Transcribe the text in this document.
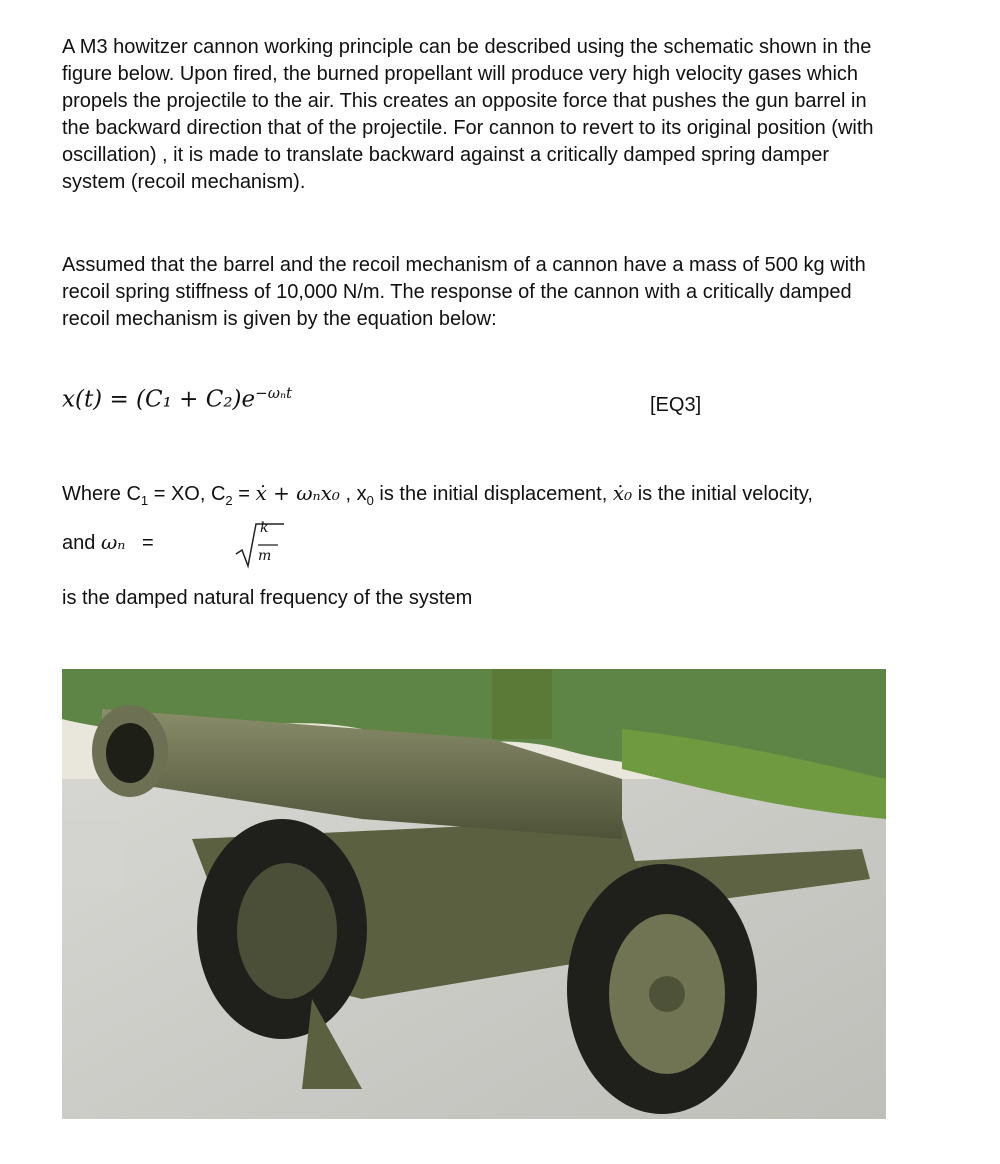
A M3 howitzer cannon working principle can be described using the schematic shown in the figure below. Upon fired, the burned propellant will produce very high velocity gases which propels the projectile to the air. This creates an opposite force that pushes the gun barrel in the backward direction that of the projectile. For cannon to revert to its original position (with oscillation) , it is made to translate backward against a critically damped spring damper system (recoil mechanism).

Assumed that the barrel and the recoil mechanism of a cannon have a mass of 500 kg with recoil spring stiffness of 10,000 N/m. The response of the cannon with a critically damped recoil mechanism is given by the equation below:

$x(t) = (C_1 + C_2)e^{-\omega_nt}$
[EQ3]
Where $C_1$ = XO, $C_2$ = ẋ + ωₙx₀ , $x_0$ is the initial displacement, ẋ₀ is the initial velocity,
and ωₙ =
k
m
is the damped natural frequency of the system
